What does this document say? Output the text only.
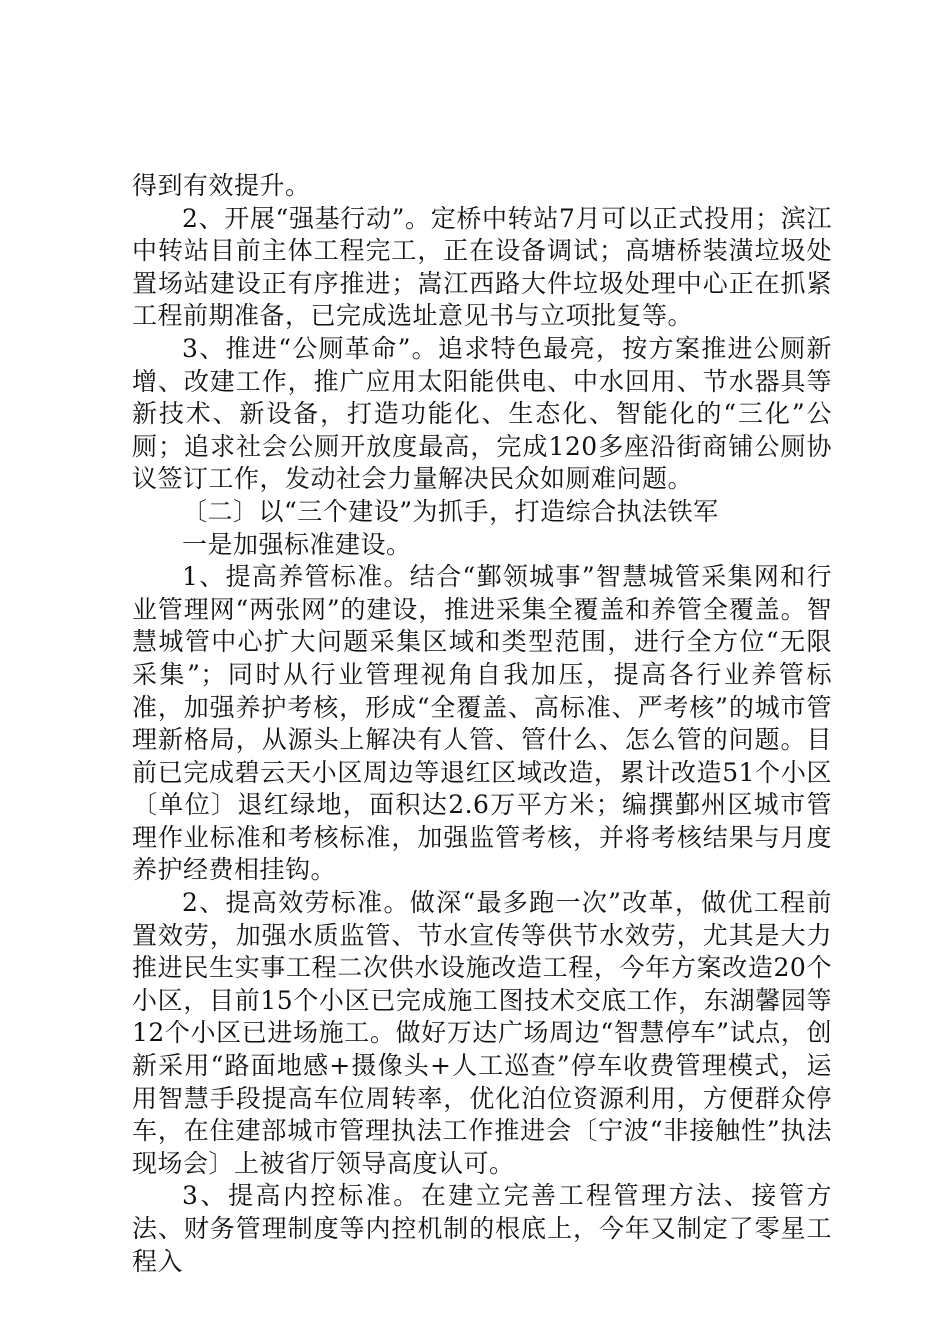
得到有效提升。

2、开展“强基行动”。定桥中转站7月可以正式投用；滨江中转站目前主体工程完工，正在设备调试；高塘桥装潢垃圾处置场站建设正有序推进；嵩江西路大件垃圾处理中心正在抓紧工程前期准备，已完成选址意见书与立项批复等。

3、推进“公厕革命”。追求特色最亮，按方案推进公厕新增、改建工作，推广应用太阳能供电、中水回用、节水器具等新技术、新设备，打造功能化、生态化、智能化的“三化”公厕；追求社会公厕开放度最高，完成120多座沿街商铺公厕协议签订工作，发动社会力量解决民众如厕难问题。

〔二〕以“三个建设”为抓手，打造综合执法铁军

一是加强标准建设。

1、提高养管标准。结合“鄞领城事”智慧城管采集网和行业管理网“两张网”的建设，推进采集全覆盖和养管全覆盖。智慧城管中心扩大问题采集区域和类型范围，进行全方位“无限采集”；同时从行业管理视角自我加压，提高各行业养管标准，加强养护考核，形成“全覆盖、高标准、严考核”的城市管理新格局，从源头上解决有人管、管什么、怎么管的问题。目前已完成碧云天小区周边等退红区域改造，累计改造51个小区〔单位〕退红绿地，面积达2.6万平方米；编撰鄞州区城市管理作业标准和考核标准，加强监管考核，并将考核结果与月度养护经费相挂钩。

2、提高效劳标准。做深“最多跑一次”改革，做优工程前置效劳，加强水质监管、节水宣传等供节水效劳，尤其是大力推进民生实事工程二次供水设施改造工程，今年方案改造20个小区，目前15个小区已完成施工图技术交底工作，东湖馨园等12个小区已进场施工。做好万达广场周边“智慧停车”试点，创新采用“路面地感+摄像头+人工巡查”停车收费管理模式，运用智慧手段提高车位周转率，优化泊位资源利用，方便群众停车，在住建部城市管理执法工作推进会〔宁波“非接触性”执法现场会〕上被省厅领导高度认可。

3、提高内控标准。在建立完善工程管理方法、接管方法、财务管理制度等内控机制的根底上，今年又制定了零星工程入
